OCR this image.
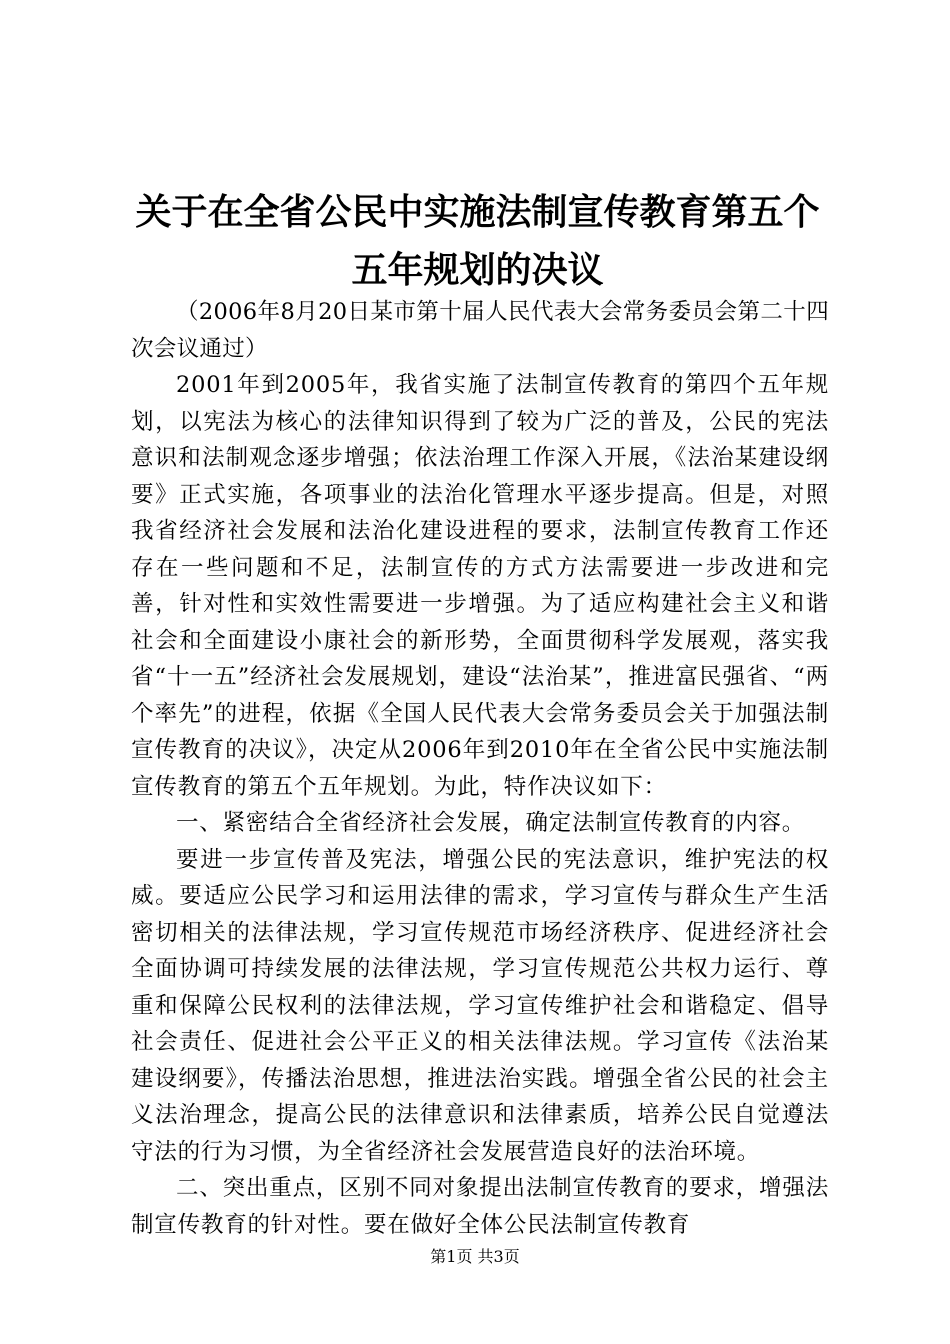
关于在全省公民中实施法制宣传教育第五个五年规划的决议

（2006年8月20日某市第十届人民代表大会常务委员会第二十四次会议通过）

2001年到2005年，我省实施了法制宣传教育的第四个五年规划，以宪法为核心的法律知识得到了较为广泛的普及，公民的宪法意识和法制观念逐步增强；依法治理工作深入开展，《法治某建设纲要》正式实施，各项事业的法治化管理水平逐步提高。但是，对照我省经济社会发展和法治化建设进程的要求，法制宣传教育工作还存在一些问题和不足，法制宣传的方式方法需要进一步改进和完善，针对性和实效性需要进一步增强。为了适应构建社会主义和谐社会和全面建设小康社会的新形势，全面贯彻科学发展观，落实我省“十一五”经济社会发展规划，建设“法治某”，推进富民强省、“两个率先”的进程，依据《全国人民代表大会常务委员会关于加强法制宣传教育的决议》，决定从2006年到2010年在全省公民中实施法制宣传教育的第五个五年规划。为此，特作决议如下：

一、紧密结合全省经济社会发展，确定法制宣传教育的内容。

要进一步宣传普及宪法，增强公民的宪法意识，维护宪法的权威。要适应公民学习和运用法律的需求，学习宣传与群众生产生活密切相关的法律法规，学习宣传规范市场经济秩序、促进经济社会全面协调可持续发展的法律法规，学习宣传规范公共权力运行、尊重和保障公民权利的法律法规，学习宣传维护社会和谐稳定、倡导社会责任、促进社会公平正义的相关法律法规。学习宣传《法治某建设纲要》，传播法治思想，推进法治实践。增强全省公民的社会主义法治理念，提高公民的法律意识和法律素质，培养公民自觉遵法守法的行为习惯，为全省经济社会发展营造良好的法治环境。

二、突出重点，区别不同对象提出法制宣传教育的要求，增强法制宣传教育的针对性。要在做好全体公民法制宣传教育

第1页 共3页
